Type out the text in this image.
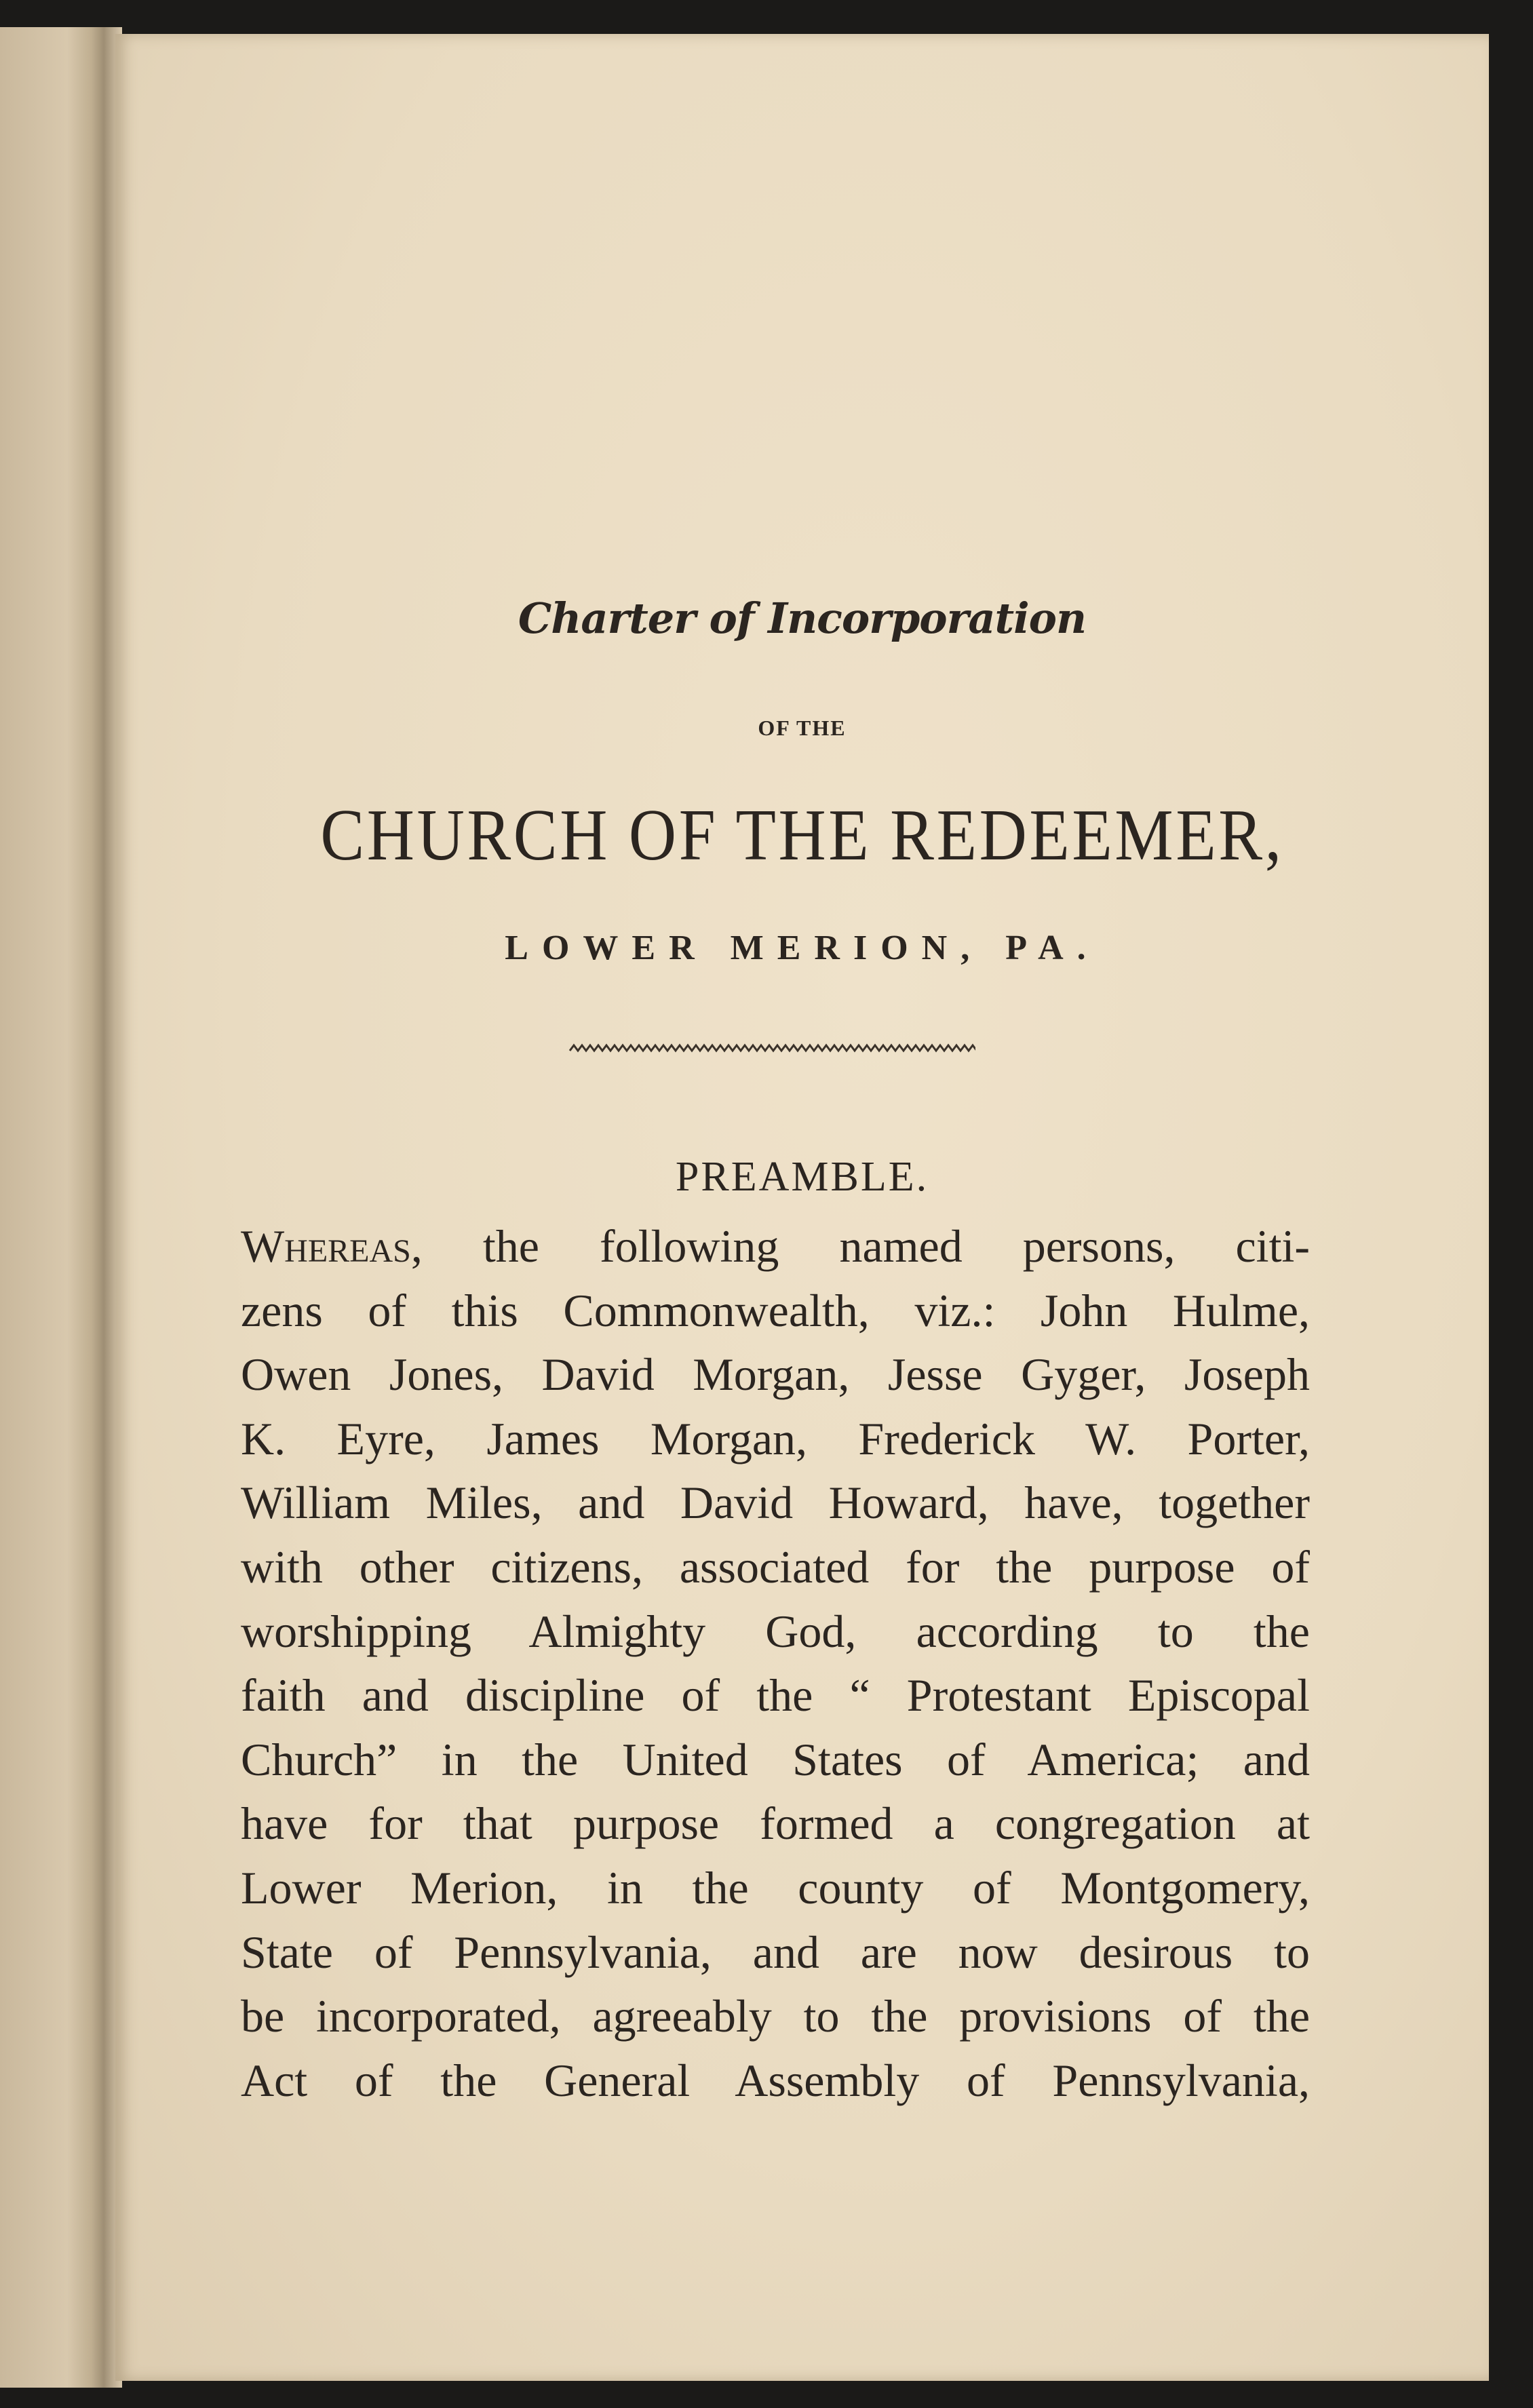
Charter of Incorporation
OF THE
CHURCH OF THE REDEEMER,
LOWER MERION, PA.
PREAMBLE.
Whereas, the following named persons, citi-
zens of this Commonwealth, viz.: John Hulme,
Owen Jones, David Morgan, Jesse Gyger, Joseph
K. Eyre, James Morgan, Frederick W. Porter,
William Miles, and David Howard, have, together
with other citizens, associated for the purpose of
worshipping Almighty God, according to the
faith and discipline of the “ Protestant Episcopal
Church” in the United States of America; and
have for that purpose formed a congregation at
Lower Merion, in the county of Montgomery,
State of Pennsylvania, and are now desirous to
be incorporated, agreeably to the provisions of the
Act of the General Assembly of Pennsylvania,
